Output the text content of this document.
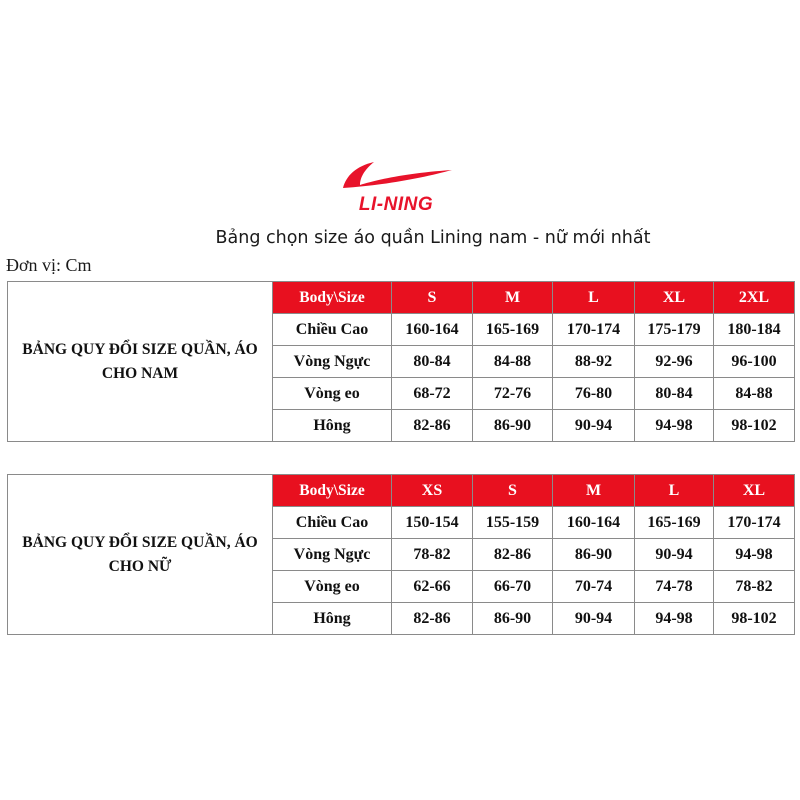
LI-NING
Bảng chọn size áo quần Lining nam - nữ mới nhất
Đơn vị: Cm
BẢNG QUY ĐỔI SIZE QUẦN, ÁO CHO NAM	Body\Size	S	M	L	XL	2XL
	Chiều Cao	160-164	165-169	170-174	175-179	180-184
	Vòng Ngực	80-84	84-88	88-92	92-96	96-100
	Vòng eo	68-72	72-76	76-80	80-84	84-88
	Hông	82-86	86-90	90-94	94-98	98-102
BẢNG QUY ĐỔI SIZE QUẦN, ÁO CHO NỮ	Body\Size	XS	S	M	L	XL
	Chiều Cao	150-154	155-159	160-164	165-169	170-174
	Vòng Ngực	78-82	82-86	86-90	90-94	94-98
	Vòng eo	62-66	66-70	70-74	74-78	78-82
	Hông	82-86	86-90	90-94	94-98	98-102
